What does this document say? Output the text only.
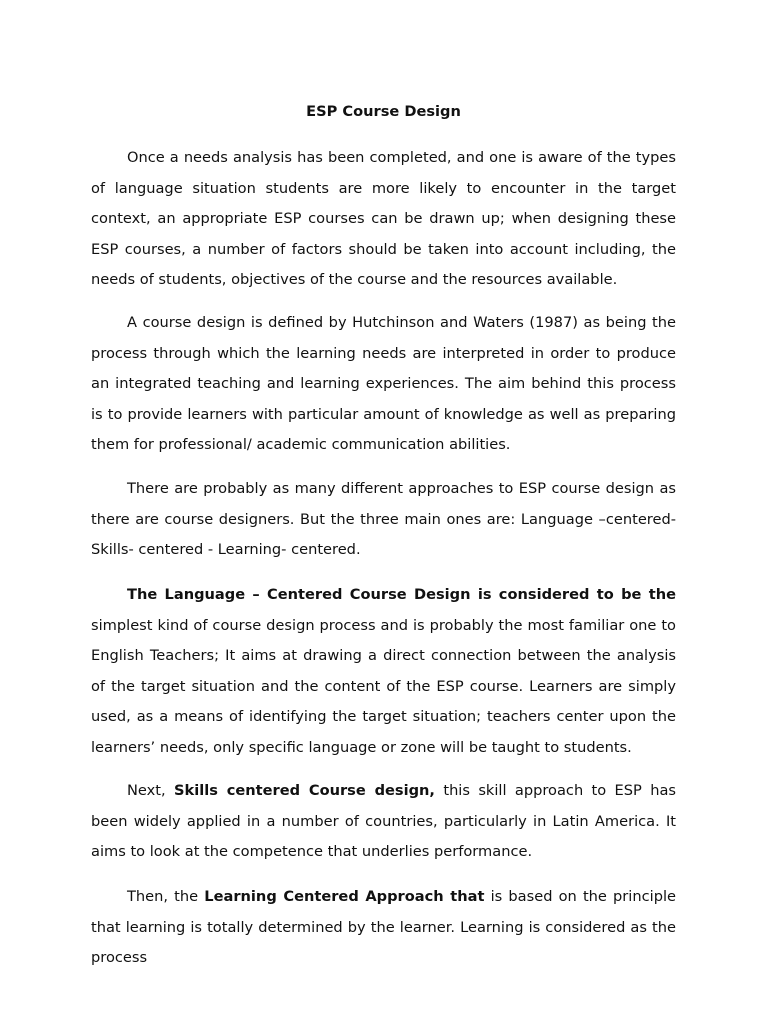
ESP Course Design

Once a needs analysis has been completed, and one is aware of the types of language situation students are more likely to encounter in the target context, an appropriate ESP courses can be drawn up; when designing these ESP courses, a number of factors should be taken into account including, the needs of students, objectives of the course and the resources available.

A course design is defined by Hutchinson and Waters (1987) as being the process through which the learning needs are interpreted in order to produce an integrated teaching and learning experiences. The aim behind this process is to provide learners with particular amount of knowledge as well as preparing them for professional/ academic communication abilities.

There are probably as many different approaches to ESP course design as there are course designers. But the three main ones are: Language –centered- Skills- centered - Learning- centered.

The Language – Centered Course Design is considered to be the simplest kind of course design process and is probably the most familiar one to English Teachers; It aims at drawing a direct connection between the analysis of the target situation and the content of the ESP course. Learners are simply used, as a means of identifying the target situation; teachers center upon the learners’ needs, only specific language or zone will be taught to students.

Next, Skills centered Course design, this skill approach to ESP has been widely applied in a number of countries, particularly in Latin America. It aims to look at the competence that underlies performance.

Then, the Learning Centered Approach that is based on the principle that learning is totally determined by the learner. Learning is considered as the process
